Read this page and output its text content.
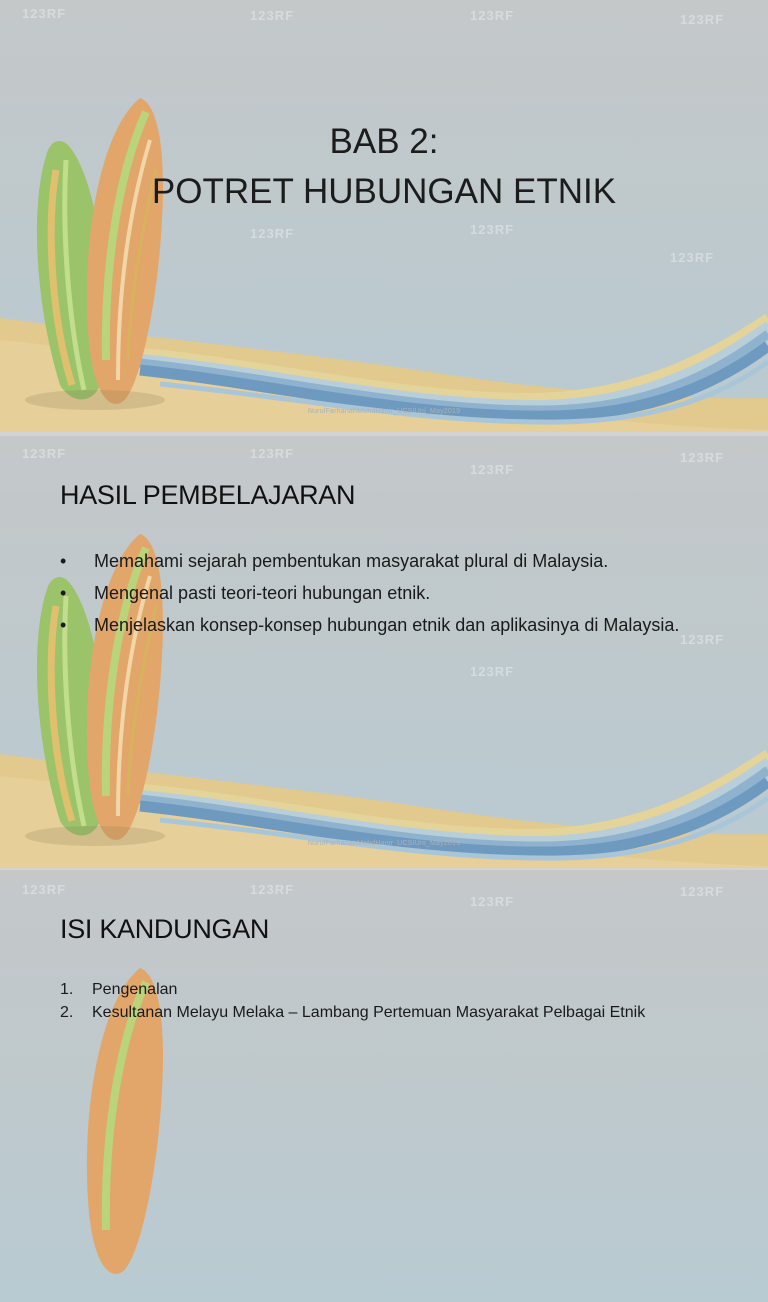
123RF	123RF	123RF	123RF
123RF	123RF
123RF
BAB 2:
POTRET HUBUNGAN ETNIK
NurulFarhanahMohdHanir_UCSIUni_May2019
123RF	123RF
123RF
123RF
123RF
123RF
HASIL PEMBELAJARAN
• Memahami sejarah pembentukan masyarakat plural di Malaysia.
• Mengenal pasti teori-teori hubungan etnik.
• Menjelaskan konsep-konsep hubungan etnik dan aplikasinya di Malaysia.
NurulFarhanahMohdHanir_UCSIUni_May2019
123RF	123RF
123RF
123RF
ISI KANDUNGAN
1. Pengenalan
2. Kesultanan Melayu Melaka – Lambang Pertemuan Masyarakat Pelbagai Etnik
